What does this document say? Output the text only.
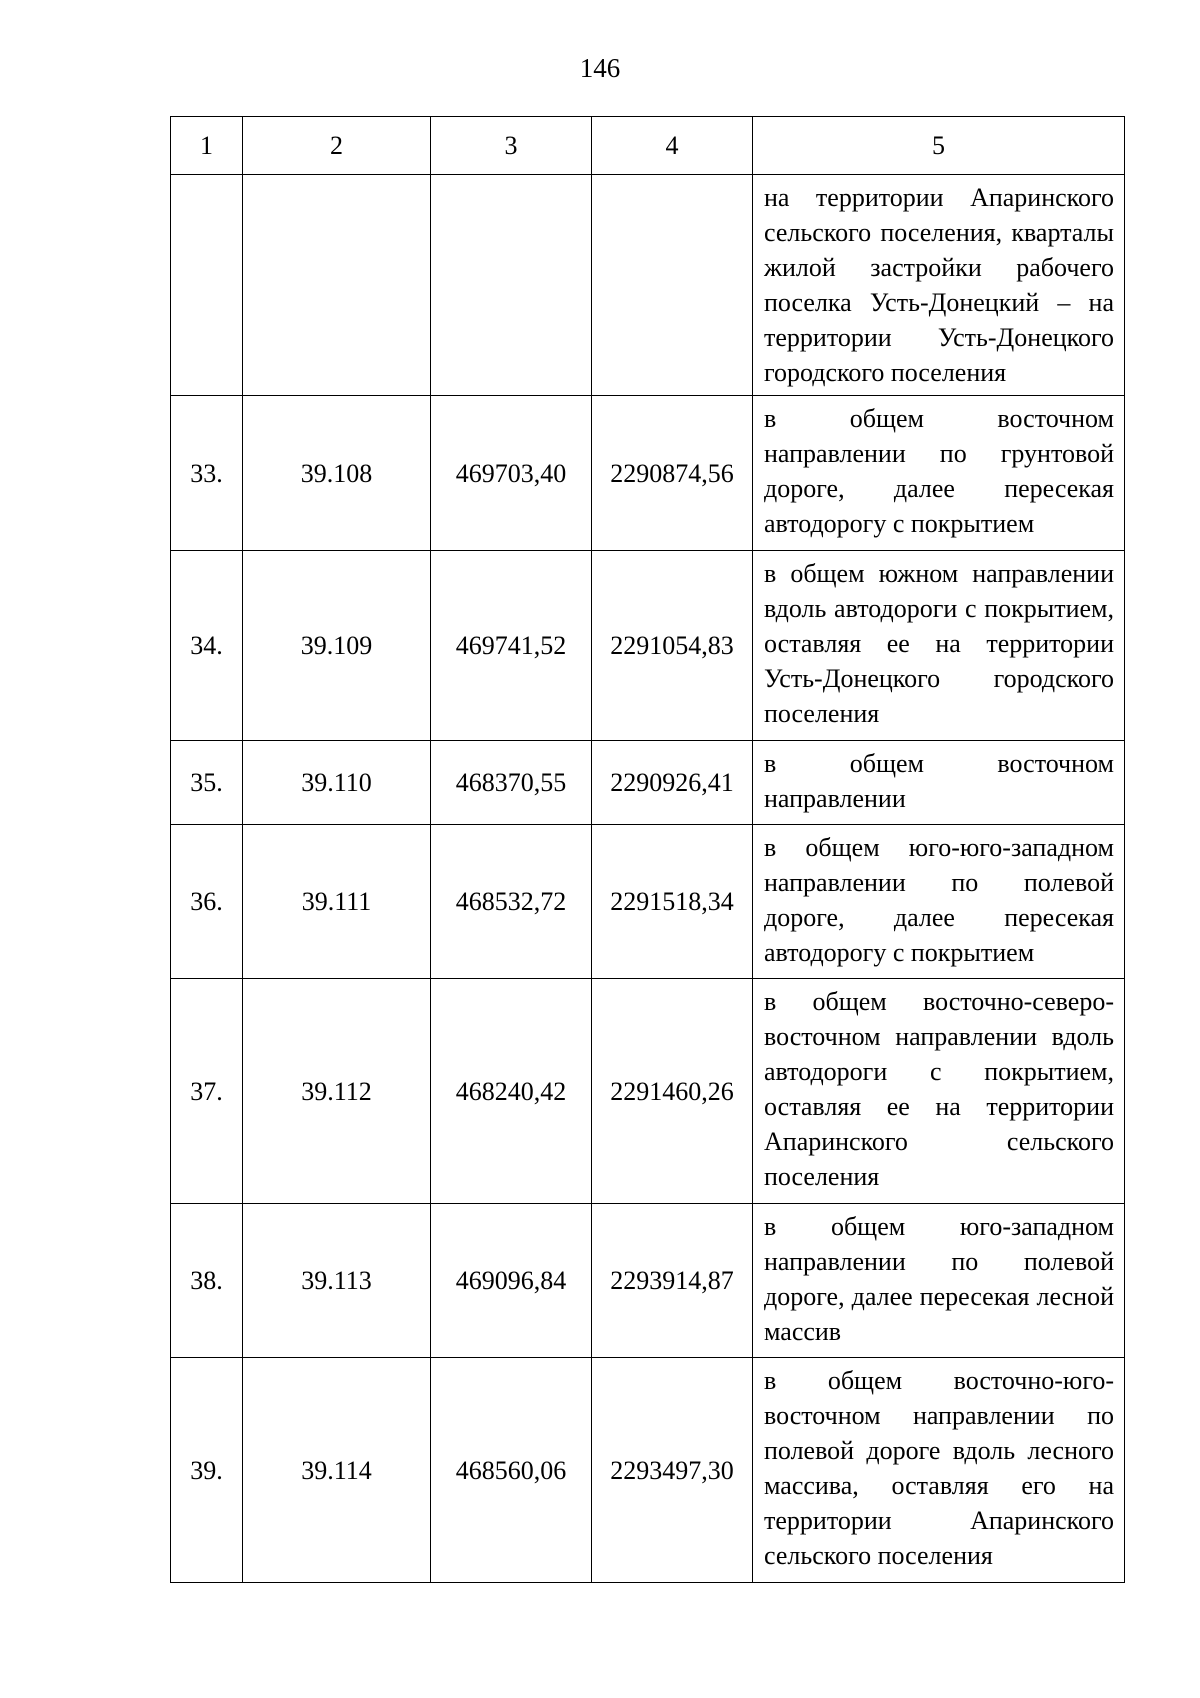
146
1	2	3	4	5
				на территории Апаринского сельского поселения, кварталы жилой застройки рабочего поселка Усть-Донецкий – на территории Усть-Донецкого городского поселения
33.	39.108	469703,40	2290874,56	в общем восточном направлении по грунтовой дороге, далее пересекая автодорогу с покрытием
34.	39.109	469741,52	2291054,83	в общем южном направлении вдоль автодороги с покрытием, оставляя ее на территории Усть-Донецкого городского поселения
35.	39.110	468370,55	2290926,41	в общем восточном направлении
36.	39.111	468532,72	2291518,34	в общем юго-юго-западном направлении по полевой дороге, далее пересекая автодорогу с покрытием
37.	39.112	468240,42	2291460,26	в общем восточно-северо-восточном направлении вдоль автодороги с покрытием, оставляя ее на территории Апаринского сельского поселения
38.	39.113	469096,84	2293914,87	в общем юго-западном направлении по полевой дороге, далее пересекая лесной массив
39.	39.114	468560,06	2293497,30	в общем восточно-юго-восточном направлении по полевой дороге вдоль лесного массива, оставляя его на территории Апаринского сельского поселения
